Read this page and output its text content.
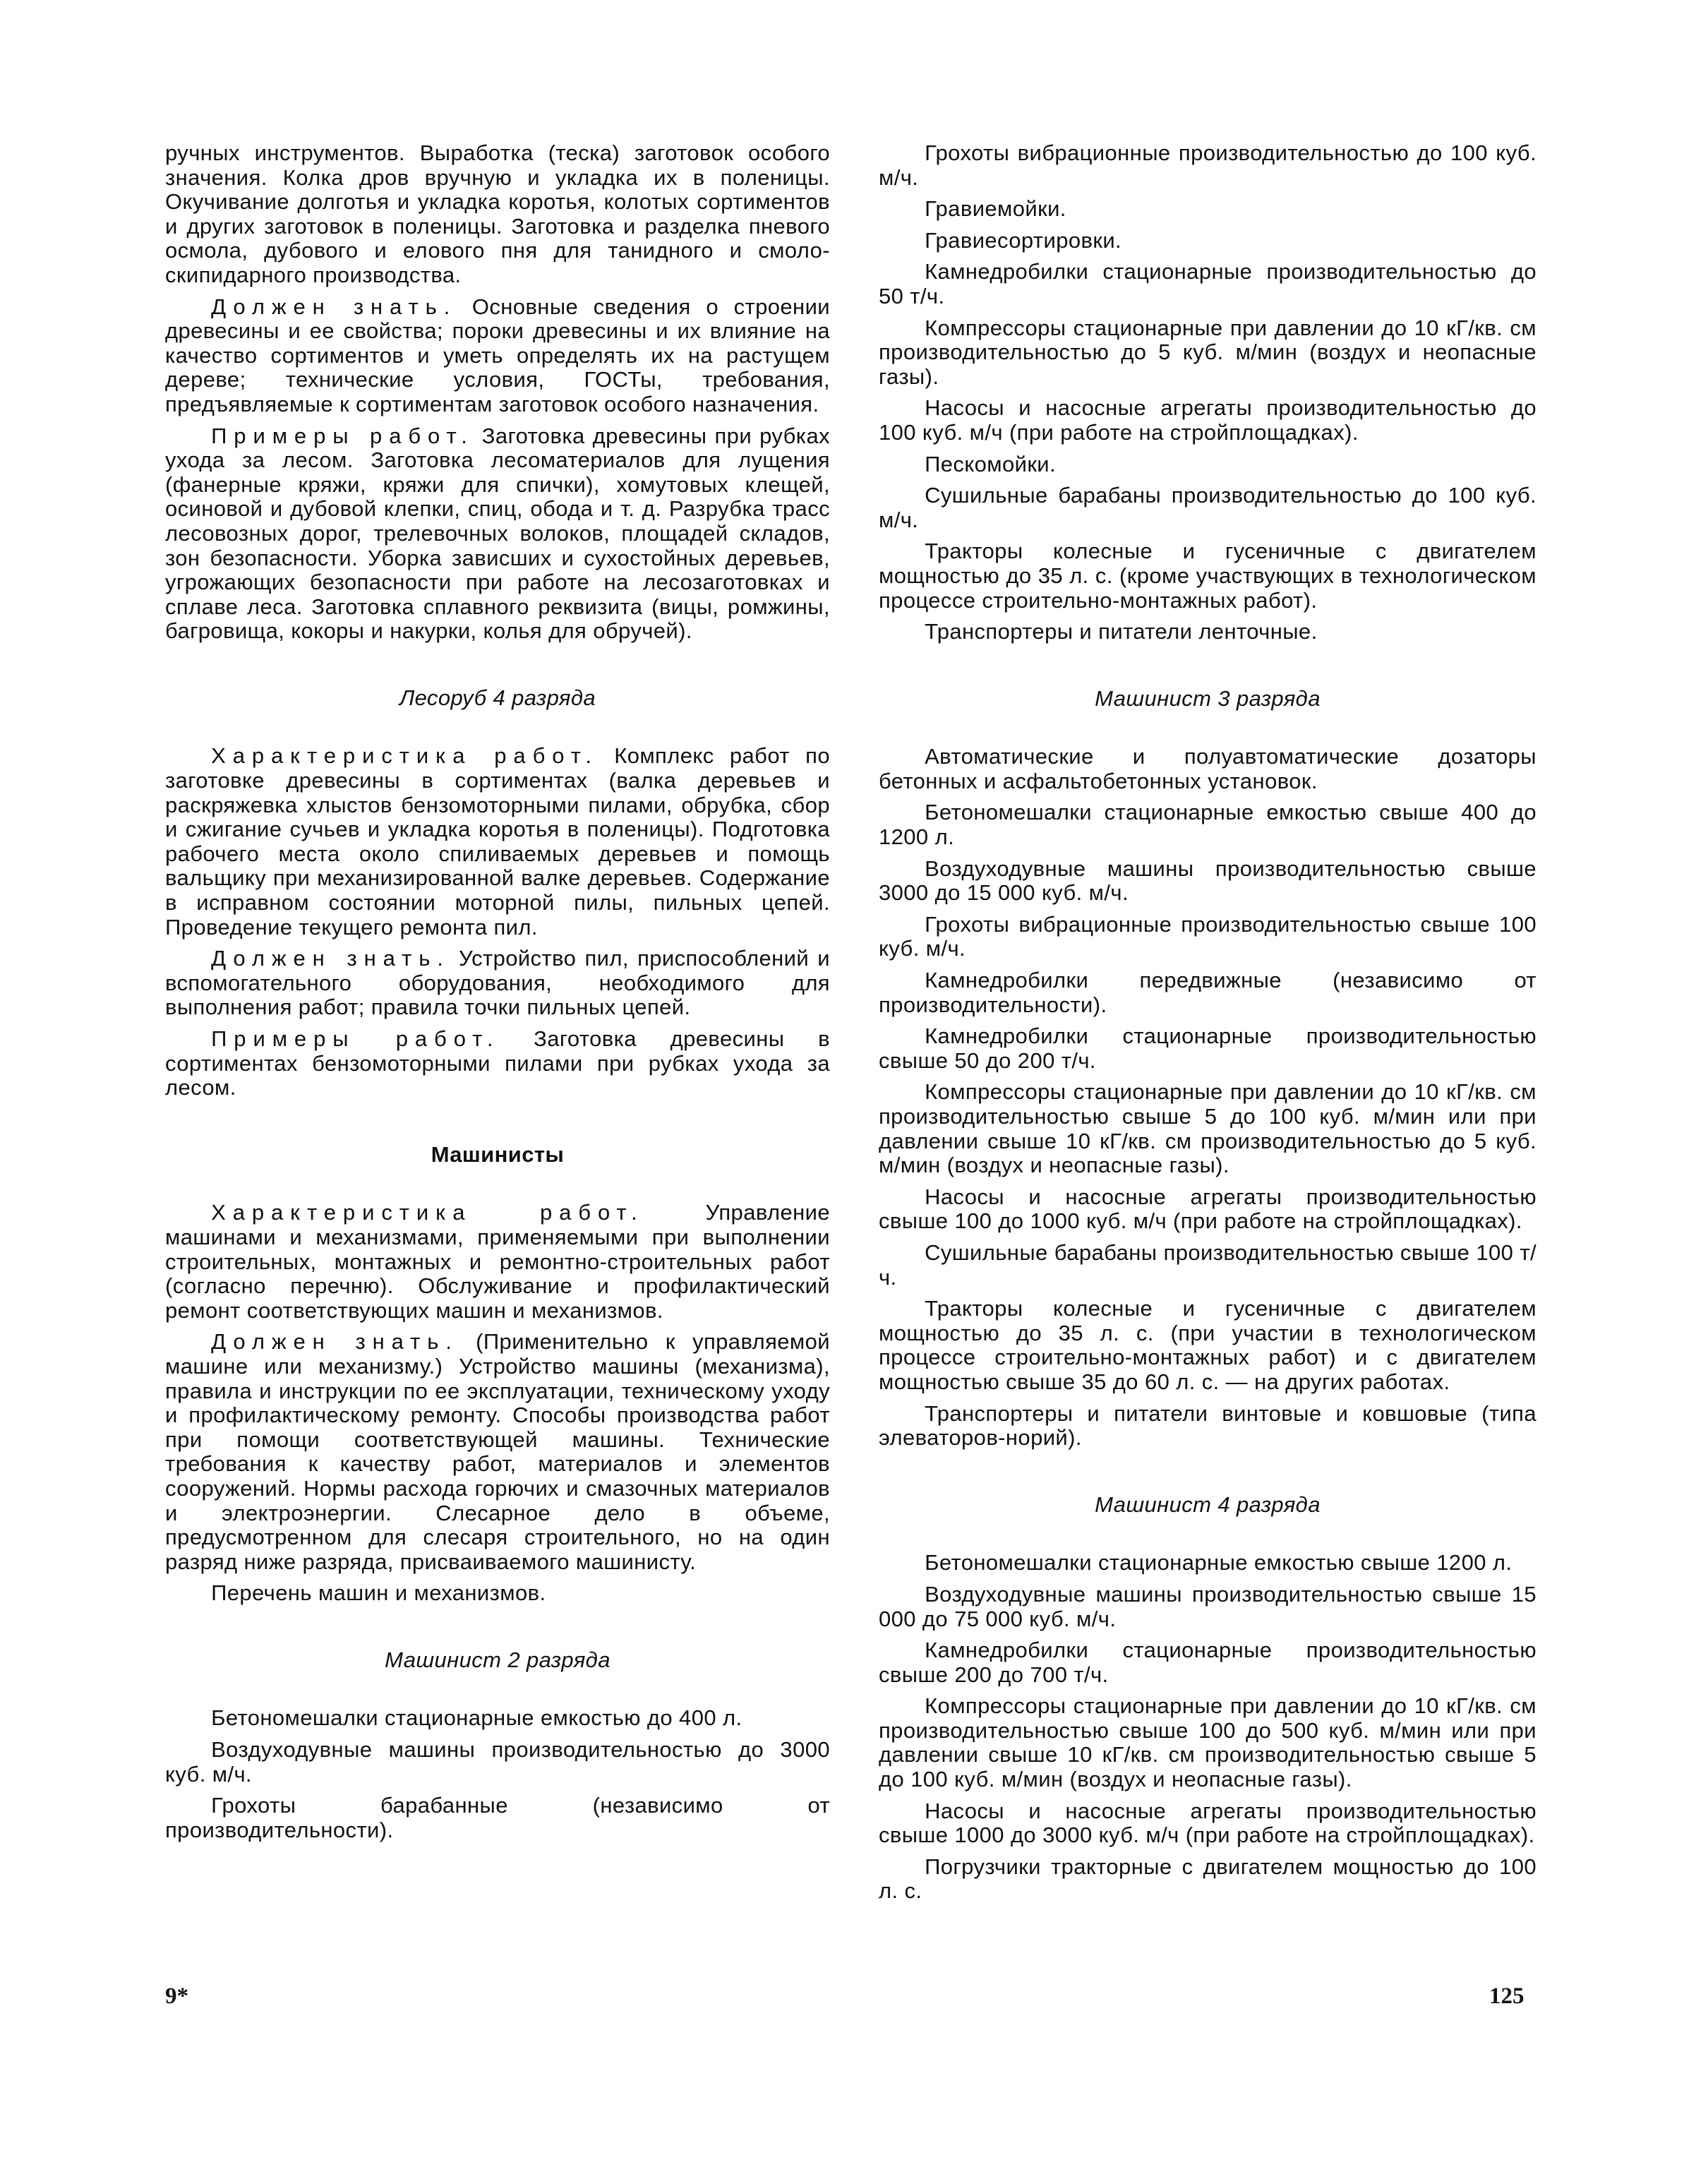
ручных инструментов. Выработка (теска) заготовок особого значения. Колка дров вручную и укладка их в поленицы. Окучивание долготья и укладка коротья, колотых сортиментов и других заготовок в поленицы. Заготовка и разделка пневого осмола, дубового и елового пня для танидного и смоло-скипидарного производства.
Должен знать. Основные сведения о строении древесины и ее свойства; пороки древесины и их влияние на качество сортиментов и уметь определять их на растущем дереве; технические условия, ГОСТы, требования, предъявляемые к сортиментам заготовок особого назначения.
Примеры работ. Заготовка древесины при рубках ухода за лесом. Заготовка лесоматериалов для лущения (фанерные кряжи, кряжи для спички), хомутовых клещей, осиновой и дубовой клепки, спиц, обода и т. д. Разрубка трасс лесовозных дорог, трелевочных волоков, площадей складов, зон безопасности. Уборка зависших и сухостойных деревьев, угрожающих безопасности при работе на лесозаготовках и сплаве леса. Заготовка сплавного реквизита (вицы, ромжины, багровища, кокоры и накурки, колья для обручей).
Лесоруб 4 разряда
Характеристика работ. Комплекс работ по заготовке древесины в сортиментах (валка деревьев и раскряжевка хлыстов бензомоторными пилами, обрубка, сбор и сжигание сучьев и укладка коротья в поленицы). Подготовка рабочего места около спиливаемых деревьев и помощь вальщику при механизированной валке деревьев. Содержание в исправном состоянии моторной пилы, пильных цепей. Проведение текущего ремонта пил.
Должен знать. Устройство пил, приспособлений и вспомогательного оборудования, необходимого для выполнения работ; правила точки пильных цепей.
Примеры работ. Заготовка древесины в сортиментах бензомоторными пилами при рубках ухода за лесом.
Машинисты
Характеристика работ. Управление машинами и механизмами, применяемыми при выполнении строительных, монтажных и ремонтно-строительных работ (согласно перечню). Обслуживание и профилактический ремонт соответствующих машин и механизмов.
Должен знать. (Применительно к управляемой машине или механизму.) Устройство машины (механизма), правила и инструкции по ее эксплуатации, техническому уходу и профилактическому ремонту. Способы производства работ при помощи соответствующей машины. Технические требования к качеству работ, материалов и элементов сооружений. Нормы расхода горючих и смазочных материалов и электроэнергии. Слесарное дело в объеме, предусмотренном для слесаря строительного, но на один разряд ниже разряда, присваиваемого машинисту.
Перечень машин и механизмов.
Машинист 2 разряда
Бетономешалки стационарные емкостью до 400 л.
Воздуходувные машины производительностью до 3000 куб. м/ч.
Грохоты барабанные (независимо от производительности).
Грохоты вибрационные производительностью до 100 куб. м/ч.
Гравиемойки.
Гравиесортировки.
Камнедробилки стационарные производительностью до 50 т/ч.
Компрессоры стационарные при давлении до 10 кГ/кв. см производительностью до 5 куб. м/мин (воздух и неопасные газы).
Насосы и насосные агрегаты производительностью до 100 куб. м/ч (при работе на стройплощадках).
Пескомойки.
Сушильные барабаны производительностью до 100 куб. м/ч.
Тракторы колесные и гусеничные с двигателем мощностью до 35 л. с. (кроме участвующих в технологическом процессе строительно-монтажных работ).
Транспортеры и питатели ленточные.
Машинист 3 разряда
Автоматические и полуавтоматические дозаторы бетонных и асфальтобетонных установок.
Бетономешалки стационарные емкостью свыше 400 до 1200 л.
Воздуходувные машины производительностью свыше 3000 до 15 000 куб. м/ч.
Грохоты вибрационные производительностью свыше 100 куб. м/ч.
Камнедробилки передвижные (независимо от производительности).
Камнедробилки стационарные производительностью свыше 50 до 200 т/ч.
Компрессоры стационарные при давлении до 10 кГ/кв. см производительностью свыше 5 до 100 куб. м/мин или при давлении свыше 10 кГ/кв. см производительностью до 5 куб. м/мин (воздух и неопасные газы).
Насосы и насосные агрегаты производительностью свыше 100 до 1000 куб. м/ч (при работе на стройплощадках).
Сушильные барабаны производительностью свыше 100 т/ч.
Тракторы колесные и гусеничные с двигателем мощностью до 35 л. с. (при участии в технологическом процессе строительно-монтажных работ) и с двигателем мощностью свыше 35 до 60 л. с. — на других работах.
Транспортеры и питатели винтовые и ковшовые (типа элеваторов-норий).
Машинист 4 разряда
Бетономешалки стационарные емкостью свыше 1200 л.
Воздуходувные машины производительностью свыше 15 000 до 75 000 куб. м/ч.
Камнедробилки стационарные производительностью свыше 200 до 700 т/ч.
Компрессоры стационарные при давлении до 10 кГ/кв. см производительностью свыше 100 до 500 куб. м/мин или при давлении свыше 10 кГ/кв. см производительностью свыше 5 до 100 куб. м/мин (воздух и неопасные газы).
Насосы и насосные агрегаты производительностью свыше 1000 до 3000 куб. м/ч (при работе на стройплощадках).
Погрузчики тракторные с двигателем мощностью до 100 л. с.
9*	125
